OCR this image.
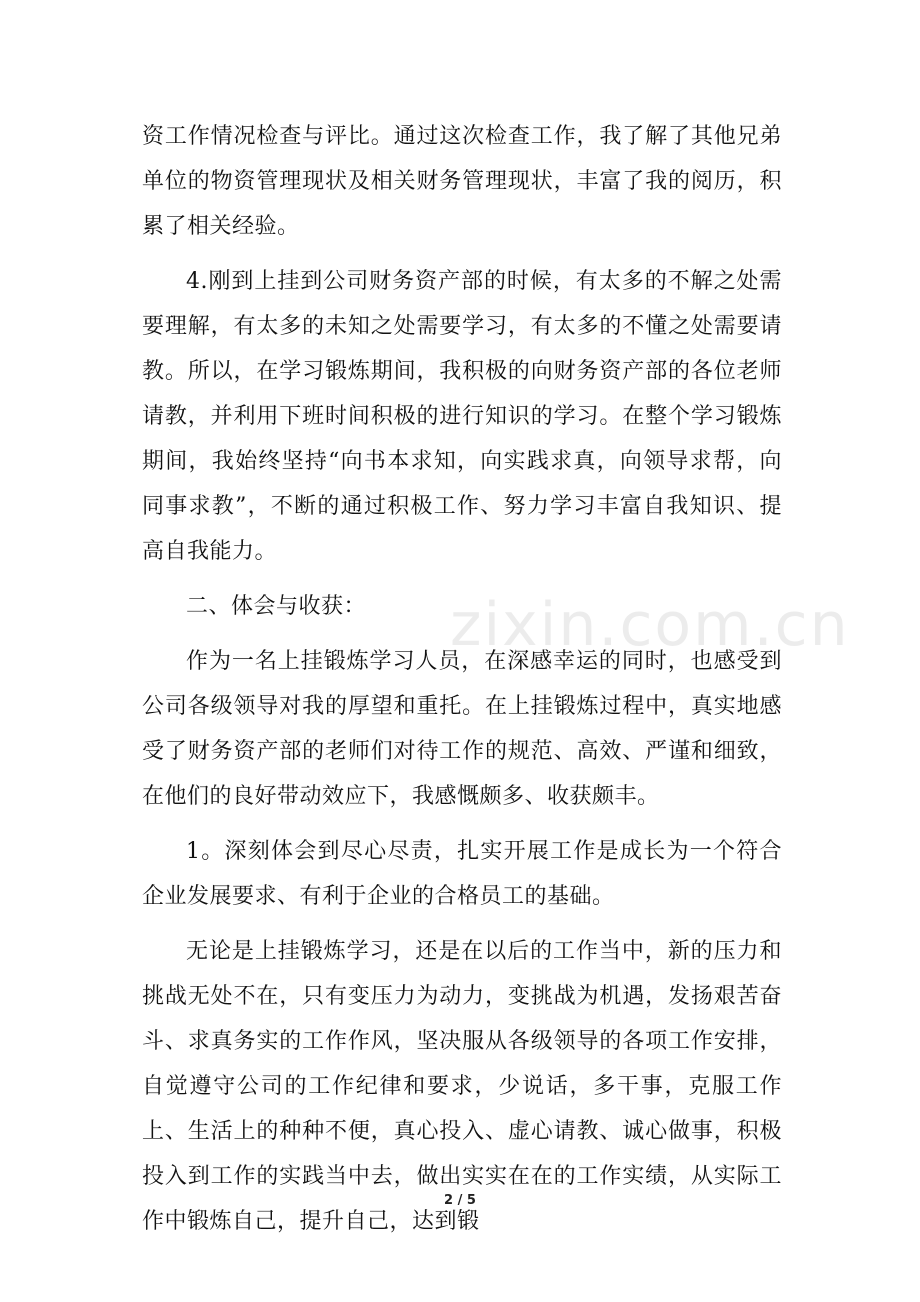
资工作情况检查与评比。通过这次检查工作，我了解了其他兄弟单位的物资管理现状及相关财务管理现状，丰富了我的阅历，积累了相关经验。

4.刚到上挂到公司财务资产部的时候，有太多的不解之处需要理解，有太多的未知之处需要学习，有太多的不懂之处需要请教。所以，在学习锻炼期间，我积极的向财务资产部的各位老师请教，并利用下班时间积极的进行知识的学习。在整个学习锻炼期间，我始终坚持“向书本求知，向实践求真，向领导求帮，向同事求教”，不断的通过积极工作、努力学习丰富自我知识、提高自我能力。

二、体会与收获：

作为一名上挂锻炼学习人员，在深感幸运的同时，也感受到公司各级领导对我的厚望和重托。在上挂锻炼过程中，真实地感受了财务资产部的老师们对待工作的规范、高效、严谨和细致，在他们的良好带动效应下，我感慨颇多、收获颇丰。

1。深刻体会到尽心尽责，扎实开展工作是成长为一个符合企业发展要求、有利于企业的合格员工的基础。

无论是上挂锻炼学习，还是在以后的工作当中，新的压力和挑战无处不在，只有变压力为动力，变挑战为机遇，发扬艰苦奋斗、求真务实的工作作风，坚决服从各级领导的各项工作安排，自觉遵守公司的工作纪律和要求，少说话，多干事，克服工作上、生活上的种种不便，真心投入、虚心请教、诚心做事，积极投入到工作的实践当中去，做出实实在在的工作实绩，从实际工作中锻炼自己，提升自己，达到锻

zixin.com.cn
2 / 5
